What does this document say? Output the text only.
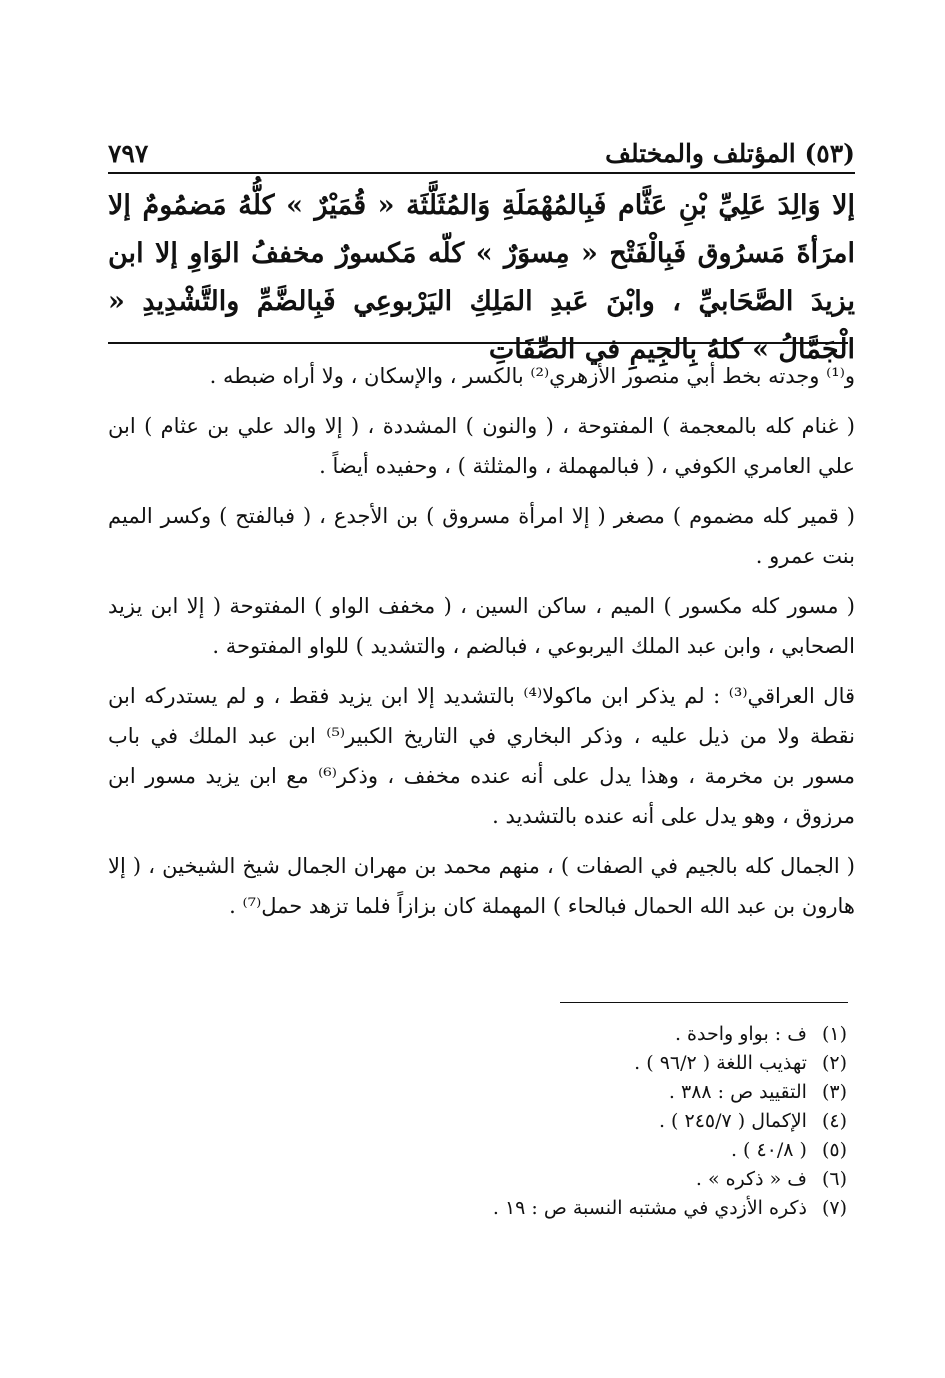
(٥٣) المؤتلف والمختلف
٧٩٧

إلا وَالِدَ عَلِيِّ بْنِ عَثَّام فَبِالمُهْمَلَةِ وَالمُثَلَّثَة « قُمَيْرٌ » كلُّهُ مَضمُومٌ إلا امرَأةَ مَسرُوق فَبِالْفَتْح « مِسوَرٌ » كلّه مَكسورٌ مخففُ الوَاوِ إلا ابن يزيدَ الصَّحَابيِّ ، وابْنَ عَبدِ المَلِكِ اليَرْبوعِي فَبِالضَّمِّ والتَّشْدِيدِ « الْجَمَّالُ » كلهُ بِالجِيمِ في الصِّفَاتِ

و⁽¹⁾ وجدته بخط أبي منصور الأزهري⁽²⁾ بالكسر ، والإسكان ، ولا أراه ضبطه .

( غنام كله بالمعجمة ) المفتوحة ، ( والنون ) المشددة ، ( إلا والد علي بن عثام ) ابن علي العامري الكوفي ، ( فبالمهملة ، والمثلثة ) ، وحفيده أيضاً .

( قمير كله مضموم ) مصغر ( إلا امرأة مسروق ) بن الأجدع ، ( فبالفتح ) وكسر الميم بنت عمرو .

( مسور كله مكسور ) الميم ، ساكن السين ، ( مخفف الواو ) المفتوحة ( إلا ابن يزيد الصحابي ، وابن عبد الملك اليربوعي ، فبالضم ، والتشديد ) للواو المفتوحة .

قال العراقي⁽³⁾ : لم يذكر ابن ماكولا⁽⁴⁾ بالتشديد إلا ابن يزيد فقط ، و لم يستدركه ابن نقطة ولا من ذيل عليه ، وذكر البخاري في التاريخ الكبير⁽⁵⁾ ابن عبد الملك في باب مسور بن مخرمة ، وهذا يدل على أنه عنده مخفف ، وذكر⁽⁶⁾ مع ابن يزيد مسور ابن مرزوق ، وهو يدل على أنه عنده بالتشديد .

( الجمال كله بالجيم في الصفات ) ، منهم محمد بن مهران الجمال شيخ الشيخين ، ( إلا هارون بن عبد الله الحمال فبالحاء ) المهملة كان بزازاً فلما تزهد حمل⁽⁷⁾ .

(١) ف : بواو واحدة .
(٢) تهذيب اللغة ( ٩٦/٢ ) .
(٣) التقييد ص : ٣٨٨ .
(٤) الإكمال ( ٢٤٥/٧ ) .
(٥) ( ٤٠/٨ ) .
(٦) ف « ذكره » .
(٧) ذكره الأزدي في مشتبه النسبة ص : ١٩ .
